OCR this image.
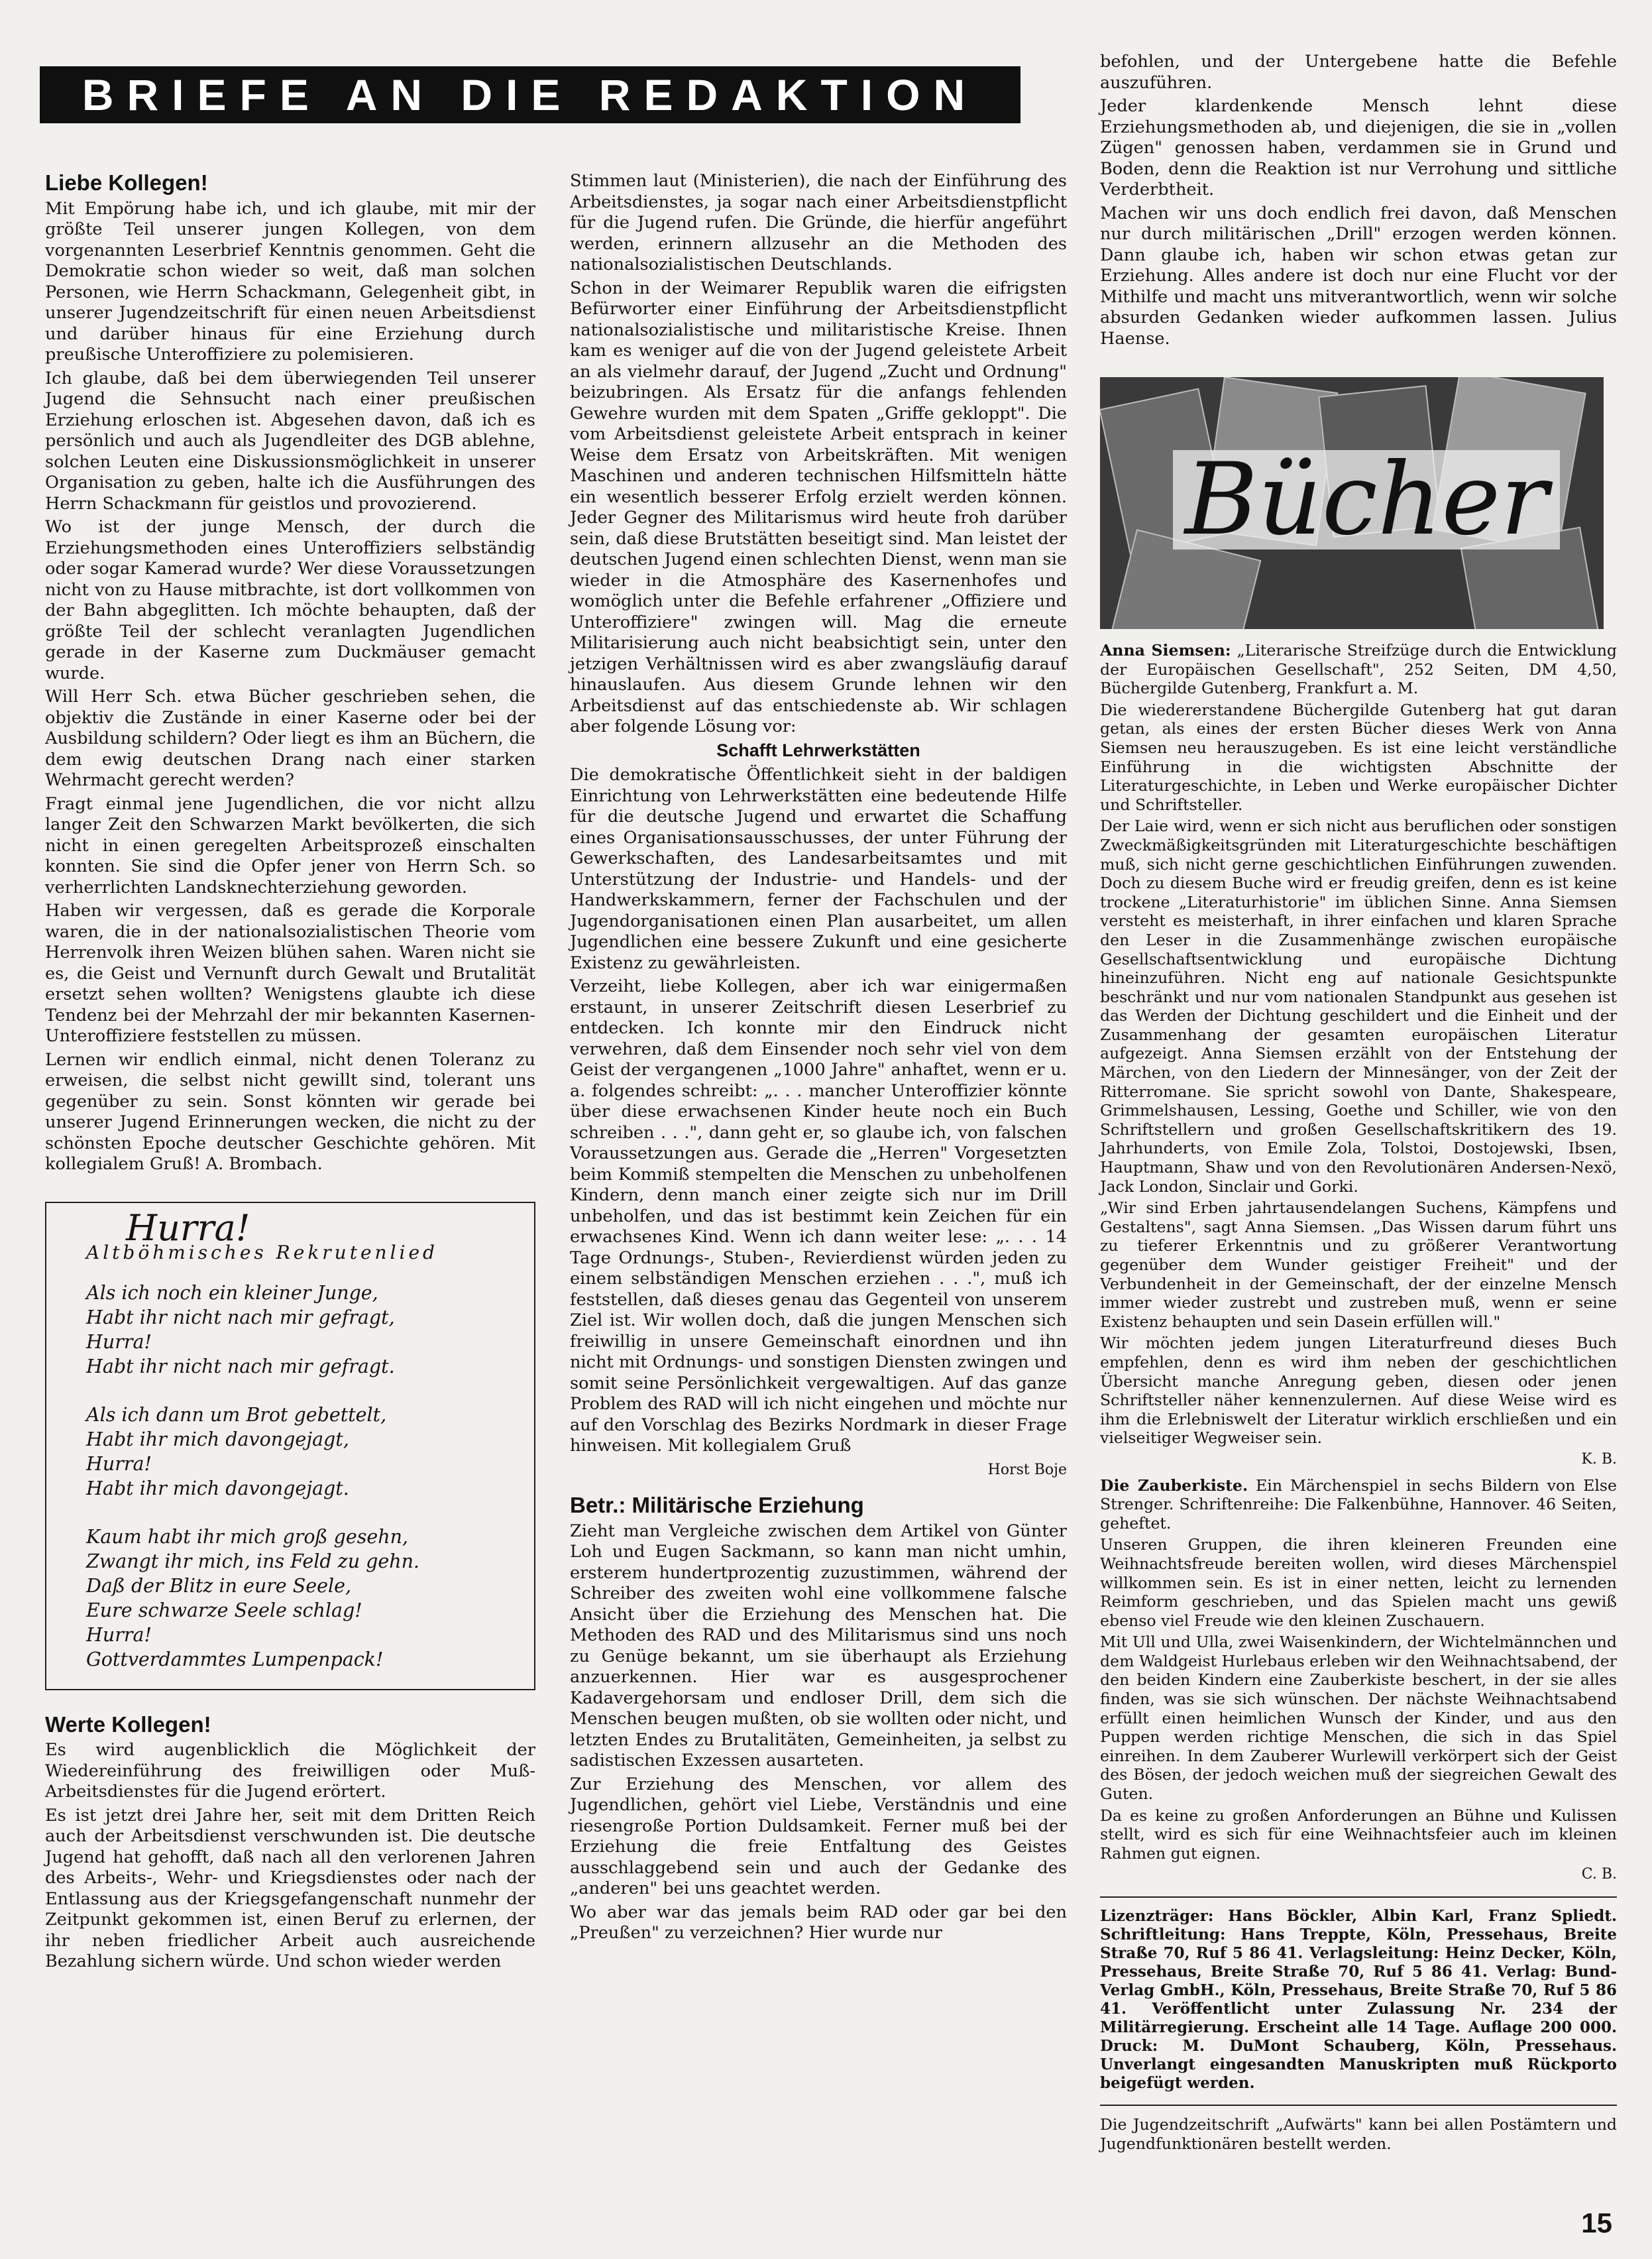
BRIEFE AN DIE REDAKTION
Liebe Kollegen!

Mit Empörung habe ich, und ich glaube, mit mir der größte Teil unserer jungen Kollegen, von dem vorgenannten Leserbrief Kenntnis genommen. Geht die Demokratie schon wieder so weit, daß man solchen Personen, wie Herrn Schackmann, Gelegenheit gibt, in unserer Jugendzeitschrift für einen neuen Arbeitsdienst und darüber hinaus für eine Erziehung durch preußische Unteroffiziere zu polemisieren.

Ich glaube, daß bei dem überwiegenden Teil unserer Jugend die Sehnsucht nach einer preußischen Erziehung erloschen ist. Abgesehen davon, daß ich es persönlich und auch als Jugendleiter des DGB ablehne, solchen Leuten eine Diskussionsmöglichkeit in unserer Organisation zu geben, halte ich die Ausführungen des Herrn Schackmann für geistlos und provozierend.

Wo ist der junge Mensch, der durch die Erziehungsmethoden eines Unteroffiziers selbständig oder sogar Kamerad wurde? Wer diese Voraussetzungen nicht von zu Hause mitbrachte, ist dort vollkommen von der Bahn abgeglitten. Ich möchte behaupten, daß der größte Teil der schlecht veranlagten Jugendlichen gerade in der Kaserne zum Duckmäuser gemacht wurde.

Will Herr Sch. etwa Bücher geschrieben sehen, die objektiv die Zustände in einer Kaserne oder bei der Ausbildung schildern? Oder liegt es ihm an Büchern, die dem ewig deutschen Drang nach einer starken Wehrmacht gerecht werden?

Fragt einmal jene Jugendlichen, die vor nicht allzu langer Zeit den Schwarzen Markt bevölkerten, die sich nicht in einen geregelten Arbeitsprozeß einschalten konnten. Sie sind die Opfer jener von Herrn Sch. so verherrlichten Landsknechterziehung geworden.

Haben wir vergessen, daß es gerade die Korporale waren, die in der nationalsozialistischen Theorie vom Herrenvolk ihren Weizen blühen sahen. Waren nicht sie es, die Geist und Vernunft durch Gewalt und Brutalität ersetzt sehen wollten? Wenigstens glaubte ich diese Tendenz bei der Mehrzahl der mir bekannten Kasernen-Unteroffiziere feststellen zu müssen.

Lernen wir endlich einmal, nicht denen Toleranz zu erweisen, die selbst nicht gewillt sind, tolerant uns gegenüber zu sein. Sonst könnten wir gerade bei unserer Jugend Erinnerungen wecken, die nicht zu der schönsten Epoche deutscher Geschichte gehören. Mit kollegialem Gruß! A. Brombach.

Hurra!
Altböhmisches Rekrutenlied
Als ich noch ein kleiner Junge,
Habt ihr nicht nach mir gefragt,
Hurra!
Habt ihr nicht nach mir gefragt.
Als ich dann um Brot gebettelt,
Habt ihr mich davongejagt,
Hurra!
Habt ihr mich davongejagt.
Kaum habt ihr mich groß gesehn,
Zwangt ihr mich, ins Feld zu gehn.
Daß der Blitz in eure Seele,
Eure schwarze Seele schlag!
Hurra!
Gottverdammtes Lumpenpack!
Werte Kollegen!

Es wird augenblicklich die Möglichkeit der Wiedereinführung des freiwilligen oder Muß-Arbeitsdienstes für die Jugend erörtert.

Es ist jetzt drei Jahre her, seit mit dem Dritten Reich auch der Arbeitsdienst verschwunden ist. Die deutsche Jugend hat gehofft, daß nach all den verlorenen Jahren des Arbeits-, Wehr- und Kriegsdienstes oder nach der Entlassung aus der Kriegsgefangenschaft nunmehr der Zeitpunkt gekommen ist, einen Beruf zu erlernen, der ihr neben friedlicher Arbeit auch ausreichende Bezahlung sichern würde. Und schon wieder werden

Stimmen laut (Ministerien), die nach der Einführung des Arbeitsdienstes, ja sogar nach einer Arbeitsdienstpflicht für die Jugend rufen. Die Gründe, die hierfür angeführt werden, erinnern allzusehr an die Methoden des nationalsozialistischen Deutschlands.

Schon in der Weimarer Republik waren die eifrigsten Befürworter einer Einführung der Arbeitsdienstpflicht nationalsozialistische und militaristische Kreise. Ihnen kam es weniger auf die von der Jugend geleistete Arbeit an als vielmehr darauf, der Jugend „Zucht und Ordnung" beizubringen. Als Ersatz für die anfangs fehlenden Gewehre wurden mit dem Spaten „Griffe gekloppt". Die vom Arbeitsdienst geleistete Arbeit entsprach in keiner Weise dem Ersatz von Arbeitskräften. Mit wenigen Maschinen und anderen technischen Hilfsmitteln hätte ein wesentlich besserer Erfolg erzielt werden können. Jeder Gegner des Militarismus wird heute froh darüber sein, daß diese Brutstätten beseitigt sind. Man leistet der deutschen Jugend einen schlechten Dienst, wenn man sie wieder in die Atmosphäre des Kasernenhofes und womöglich unter die Befehle erfahrener „Offiziere und Unteroffiziere" zwingen will. Mag die erneute Militarisierung auch nicht beabsichtigt sein, unter den jetzigen Verhältnissen wird es aber zwangsläufig darauf hinauslaufen. Aus diesem Grunde lehnen wir den Arbeitsdienst auf das entschiedenste ab. Wir schlagen aber folgende Lösung vor:

Schafft Lehrwerkstätten

Die demokratische Öffentlichkeit sieht in der baldigen Einrichtung von Lehrwerkstätten eine bedeutende Hilfe für die deutsche Jugend und erwartet die Schaffung eines Organisationsausschusses, der unter Führung der Gewerkschaften, des Landesarbeitsamtes und mit Unterstützung der Industrie- und Handels- und der Handwerkskammern, ferner der Fachschulen und der Jugendorganisationen einen Plan ausarbeitet, um allen Jugendlichen eine bessere Zukunft und eine gesicherte Existenz zu gewährleisten.

Verzeiht, liebe Kollegen, aber ich war einigermaßen erstaunt, in unserer Zeitschrift diesen Leserbrief zu entdecken. Ich konnte mir den Eindruck nicht verwehren, daß dem Einsender noch sehr viel von dem Geist der vergangenen „1000 Jahre" anhaftet, wenn er u. a. folgendes schreibt: „. . . mancher Unteroffizier könnte über diese erwachsenen Kinder heute noch ein Buch schreiben . . .", dann geht er, so glaube ich, von falschen Voraussetzungen aus. Gerade die „Herren" Vorgesetzten beim Kommiß stempelten die Menschen zu unbeholfenen Kindern, denn manch einer zeigte sich nur im Drill unbeholfen, und das ist bestimmt kein Zeichen für ein erwachsenes Kind. Wenn ich dann weiter lese: „. . . 14 Tage Ordnungs-, Stuben-, Revierdienst würden jeden zu einem selbständigen Menschen erziehen . . .", muß ich feststellen, daß dieses genau das Gegenteil von unserem Ziel ist. Wir wollen doch, daß die jungen Menschen sich freiwillig in unsere Gemeinschaft einordnen und ihn nicht mit Ordnungs- und sonstigen Diensten zwingen und somit seine Persönlichkeit vergewaltigen. Auf das ganze Problem des RAD will ich nicht eingehen und möchte nur auf den Vorschlag des Bezirks Nordmark in dieser Frage hinweisen. Mit kollegialem Gruß

Horst Boje
Betr.: Militärische Erziehung

Zieht man Vergleiche zwischen dem Artikel von Günter Loh und Eugen Sackmann, so kann man nicht umhin, ersterem hundertprozentig zuzustimmen, während der Schreiber des zweiten wohl eine vollkommene falsche Ansicht über die Erziehung des Menschen hat. Die Methoden des RAD und des Militarismus sind uns noch zu Genüge bekannt, um sie überhaupt als Erziehung anzuerkennen. Hier war es ausgesprochener Kadavergehorsam und endloser Drill, dem sich die Menschen beugen mußten, ob sie wollten oder nicht, und letzten Endes zu Brutalitäten, Gemeinheiten, ja selbst zu sadistischen Exzessen ausarteten.

Zur Erziehung des Menschen, vor allem des Jugendlichen, gehört viel Liebe, Verständnis und eine riesengroße Portion Duldsamkeit. Ferner muß bei der Erziehung die freie Entfaltung des Geistes ausschlaggebend sein und auch der Gedanke des „anderen" bei uns geachtet werden.

Wo aber war das jemals beim RAD oder gar bei den „Preußen" zu verzeichnen? Hier wurde nur

befohlen, und der Untergebene hatte die Befehle auszuführen.

Jeder klardenkende Mensch lehnt diese Erziehungsmethoden ab, und diejenigen, die sie in „vollen Zügen" genossen haben, verdammen sie in Grund und Boden, denn die Reaktion ist nur Verrohung und sittliche Verderbtheit.

Machen wir uns doch endlich frei davon, daß Menschen nur durch militärischen „Drill" erzogen werden können. Dann glaube ich, haben wir schon etwas getan zur Erziehung. Alles andere ist doch nur eine Flucht vor der Mithilfe und macht uns mitverantwortlich, wenn wir solche absurden Gedanken wieder aufkommen lassen. Julius Haense.

Bücher

Anna Siemsen: „Literarische Streifzüge durch die Entwicklung der Europäischen Gesellschaft", 252 Seiten, DM 4,50, Büchergilde Gutenberg, Frankfurt a. M.

Die wiedererstandene Büchergilde Gutenberg hat gut daran getan, als eines der ersten Bücher dieses Werk von Anna Siemsen neu herauszugeben. Es ist eine leicht verständliche Einführung in die wichtigsten Abschnitte der Literaturgeschichte, in Leben und Werke europäischer Dichter und Schriftsteller.

Der Laie wird, wenn er sich nicht aus beruflichen oder sonstigen Zweckmäßigkeitsgründen mit Literaturgeschichte beschäftigen muß, sich nicht gerne geschichtlichen Einführungen zuwenden. Doch zu diesem Buche wird er freudig greifen, denn es ist keine trockene „Literaturhistorie" im üblichen Sinne. Anna Siemsen versteht es meisterhaft, in ihrer einfachen und klaren Sprache den Leser in die Zusammenhänge zwischen europäische Gesellschaftsentwicklung und europäische Dichtung hineinzuführen. Nicht eng auf nationale Gesichtspunkte beschränkt und nur vom nationalen Standpunkt aus gesehen ist das Werden der Dichtung geschildert und die Einheit und der Zusammenhang der gesamten europäischen Literatur aufgezeigt. Anna Siemsen erzählt von der Entstehung der Märchen, von den Liedern der Minnesänger, von der Zeit der Ritterromane. Sie spricht sowohl von Dante, Shakespeare, Grimmelshausen, Lessing, Goethe und Schiller, wie von den Schriftstellern und großen Gesellschaftskritikern des 19. Jahrhunderts, von Emile Zola, Tolstoi, Dostojewski, Ibsen, Hauptmann, Shaw und von den Revolutionären Andersen-Nexö, Jack London, Sinclair und Gorki.

„Wir sind Erben jahrtausendelangen Suchens, Kämpfens und Gestaltens", sagt Anna Siemsen. „Das Wissen darum führt uns zu tieferer Erkenntnis und zu größerer Verantwortung gegenüber dem Wunder geistiger Freiheit" und der Verbundenheit in der Gemeinschaft, der der einzelne Mensch immer wieder zustrebt und zustreben muß, wenn er seine Existenz behaupten und sein Dasein erfüllen will."

Wir möchten jedem jungen Literaturfreund dieses Buch empfehlen, denn es wird ihm neben der geschichtlichen Übersicht manche Anregung geben, diesen oder jenen Schriftsteller näher kennenzulernen. Auf diese Weise wird es ihm die Erlebniswelt der Literatur wirklich erschließen und ein vielseitiger Wegweiser sein.

K. B.

Die Zauberkiste. Ein Märchenspiel in sechs Bildern von Else Strenger. Schriftenreihe: Die Falkenbühne, Hannover. 46 Seiten, geheftet.

Unseren Gruppen, die ihren kleineren Freunden eine Weihnachtsfreude bereiten wollen, wird dieses Märchenspiel willkommen sein. Es ist in einer netten, leicht zu lernenden Reimform geschrieben, und das Spielen macht uns gewiß ebenso viel Freude wie den kleinen Zuschauern.

Mit Ull und Ulla, zwei Waisenkindern, der Wichtelmännchen und dem Waldgeist Hurlebaus erleben wir den Weihnachtsabend, der den beiden Kindern eine Zauberkiste beschert, in der sie alles finden, was sie sich wünschen. Der nächste Weihnachtsabend erfüllt einen heimlichen Wunsch der Kinder, und aus den Puppen werden richtige Menschen, die sich in das Spiel einreihen. In dem Zauberer Wurlewill verkörpert sich der Geist des Bösen, der jedoch weichen muß der siegreichen Gewalt des Guten.

Da es keine zu großen Anforderungen an Bühne und Kulissen stellt, wird es sich für eine Weihnachtsfeier auch im kleinen Rahmen gut eignen.

C. B.
Lizenzträger: Hans Böckler, Albin Karl, Franz Spliedt. Schriftleitung: Hans Treppte, Köln, Pressehaus, Breite Straße 70, Ruf 5 86 41. Verlagsleitung: Heinz Decker, Köln, Pressehaus, Breite Straße 70, Ruf 5 86 41. Verlag: Bund-Verlag GmbH., Köln, Pressehaus, Breite Straße 70, Ruf 5 86 41. Veröffentlicht unter Zulassung Nr. 234 der Militärregierung. Erscheint alle 14 Tage. Auflage 200 000. Druck: M. DuMont Schauberg, Köln, Pressehaus. Unverlangt eingesandten Manuskripten muß Rückporto beigefügt werden.
Die Jugendzeitschrift „Aufwärts" kann bei allen Postämtern und Jugendfunktionären bestellt werden.
15
